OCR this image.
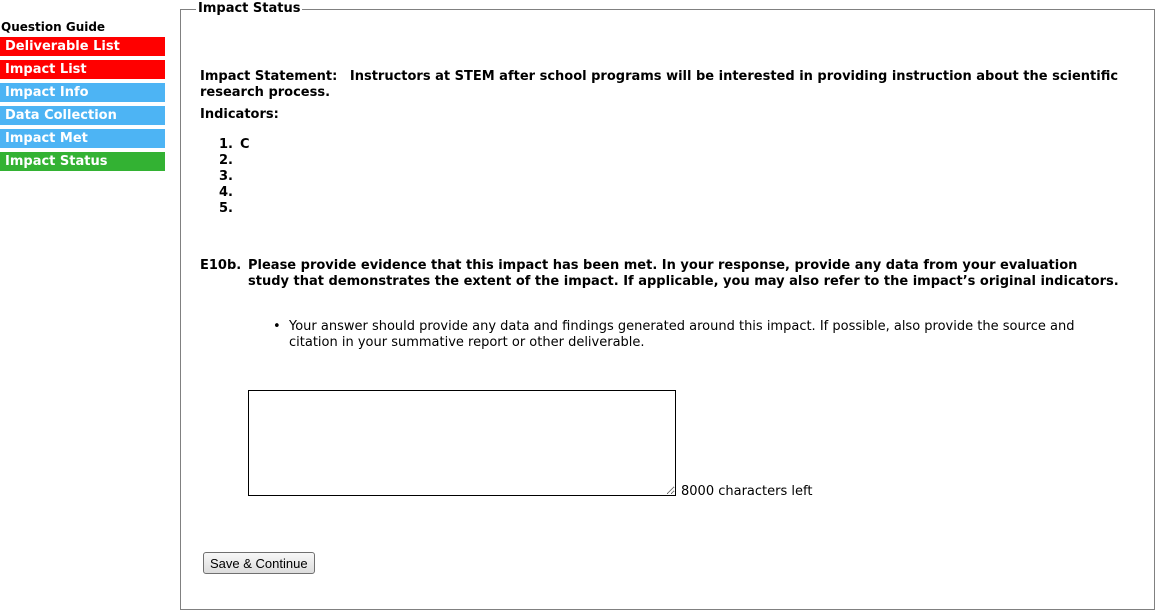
Question Guide
Deliverable List
Impact List
Impact Info
Data Collection
Impact Met
Impact Status
Impact Status
Impact Statement: Instructors at STEM after school programs will be interested in providing instruction about the scientific research process.
Indicators:
1. C
2.
3.
4.
5.
E10b. Please provide evidence that this impact has been met. In your response, provide any data from your evaluation study that demonstrates the extent of the impact. If applicable, you may also refer to the impact’s original indicators.
• Your answer should provide any data and findings generated around this impact. If possible, also provide the source and citation in your summative report or other deliverable.
8000 characters left
Save & Continue
